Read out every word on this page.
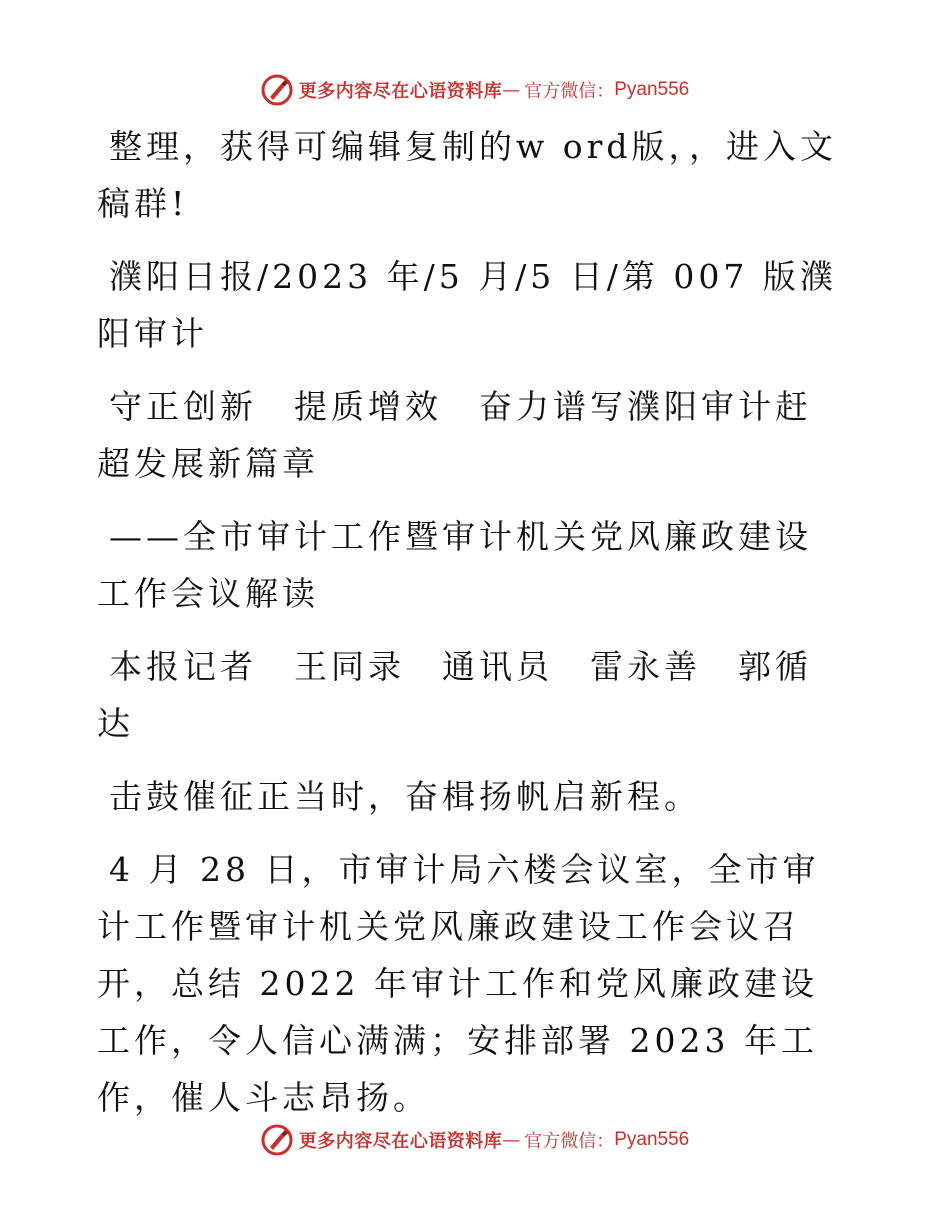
更多内容尽在心语资料库 — 官方微信： Pyan556

整理，获得可编辑复制的w ord版，，进入文稿群!

濮阳日报/2023 年/5 月/5 日/第 007 版濮阳审计

守正创新　提质增效　奋力谱写濮阳审计赶超发展新篇章

——全市审计工作暨审计机关党风廉政建设工作会议解读

本报记者　王同录　通讯员　雷永善　郭循达

击鼓催征正当时，奋楫扬帆启新程。

4 月 28 日，市审计局六楼会议室，全市审计工作暨审计机关党风廉政建设工作会议召开，总结 2022 年审计工作和党风廉政建设工作，令人信心满满；安排部署 2023 年工作，催人斗志昂扬。

更多内容尽在心语资料库 — 官方微信： Pyan556
